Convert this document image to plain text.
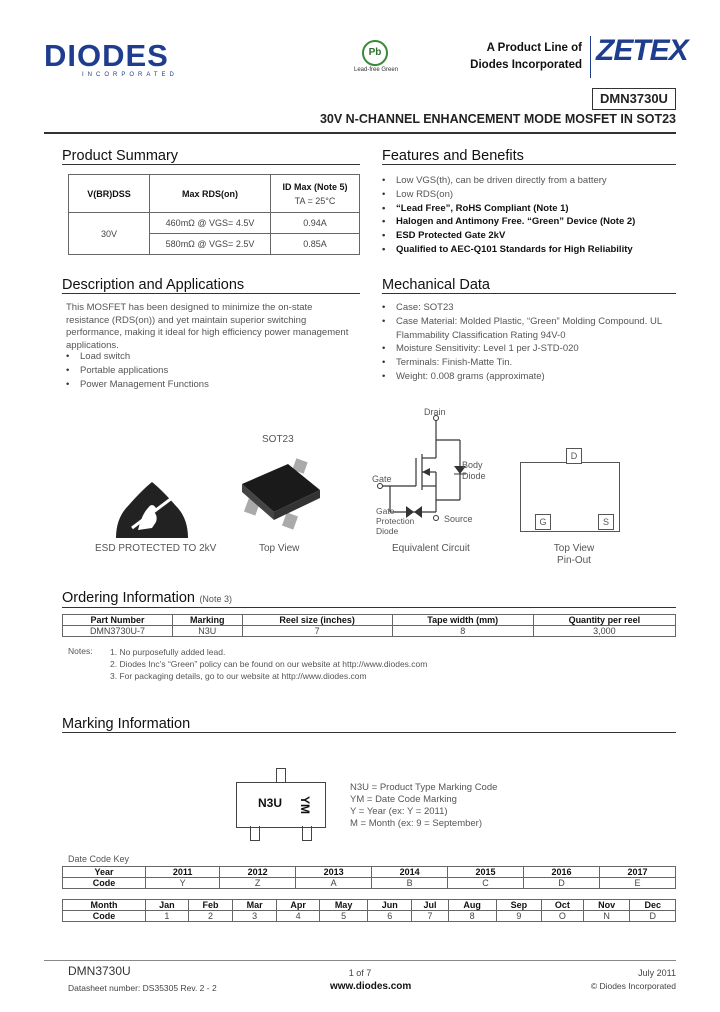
DIODES
INCORPORATED
Pb
Lead-free Green
A Product Line of
Diodes Incorporated ZETEX
DMN3730U
30V N-CHANNEL ENHANCEMENT MODE MOSFET IN SOT23
Product Summary
V(BR)DSS	Max RDS(on)	ID Max (Note 5)
TA = 25°C

30V	460mΩ @ VGS= 4.5V	0.94A
	580mΩ @ VGS= 2.5V	0.85A
Features and Benefits
• Low VGS(th), can be driven directly from a battery
• Low RDS(on)
• “Lead Free”, RoHS Compliant (Note 1)
• Halogen and Antimony Free. “Green” Device (Note 2)
• ESD Protected Gate 2kV
• Qualified to AEC-Q101 Standards for High Reliability
Description and Applications
This MOSFET has been designed to minimize the on-state resistance (RDS(on)) and yet maintain superior switching performance, making it ideal for high efficiency power management applications.
• Load switch
• Portable applications
• Power Management Functions
Mechanical Data
• Case: SOT23
• Case Material: Molded Plastic, “Green” Molding Compound. UL Flammability Classification Rating 94V-0
• Moisture Sensitivity: Level 1 per J-STD-020
• Terminals: Finish-Matte Tin.
• Weight: 0.008 grams (approximate)
ESD PROTECTED TO 2kV
SOT23
Top View
Drain
Gate
Source
Body Diode
Gate
Protection
Diode
Equivalent Circuit
D
G	S
Top View
Pin-Out
Ordering Information (Note 3)
Part Number	Marking	Reel size (inches)	Tape width (mm)	Quantity per reel
DMN3730U-7	N3U	7	8	3,000
Notes: 1. No purposefully added lead.
2. Diodes Inc’s “Green” policy can be found on our website at http://www.diodes.com
3. For packaging details, go to our website at http://www.diodes.com
Marking Information
N3U YM
N3U = Product Type Marking Code
YM = Date Code Marking
Y = Year (ex: Y = 2011)
M = Month (ex: 9 = September)
Date Code Key
Year	2011	2012	2013	2014	2015	2016	2017
Code	Y	Z	A	B	C	D	E
Month	Jan	Feb	Mar	Apr	May	Jun	Jul	Aug	Sep	Oct	Nov	Dec
Code	1	2	3	4	5	6	7	8	9	O	N	D
DMN3730U
Datasheet number: DS35305 Rev. 2 - 2
1 of 7
www.diodes.com
July 2011
© Diodes Incorporated
